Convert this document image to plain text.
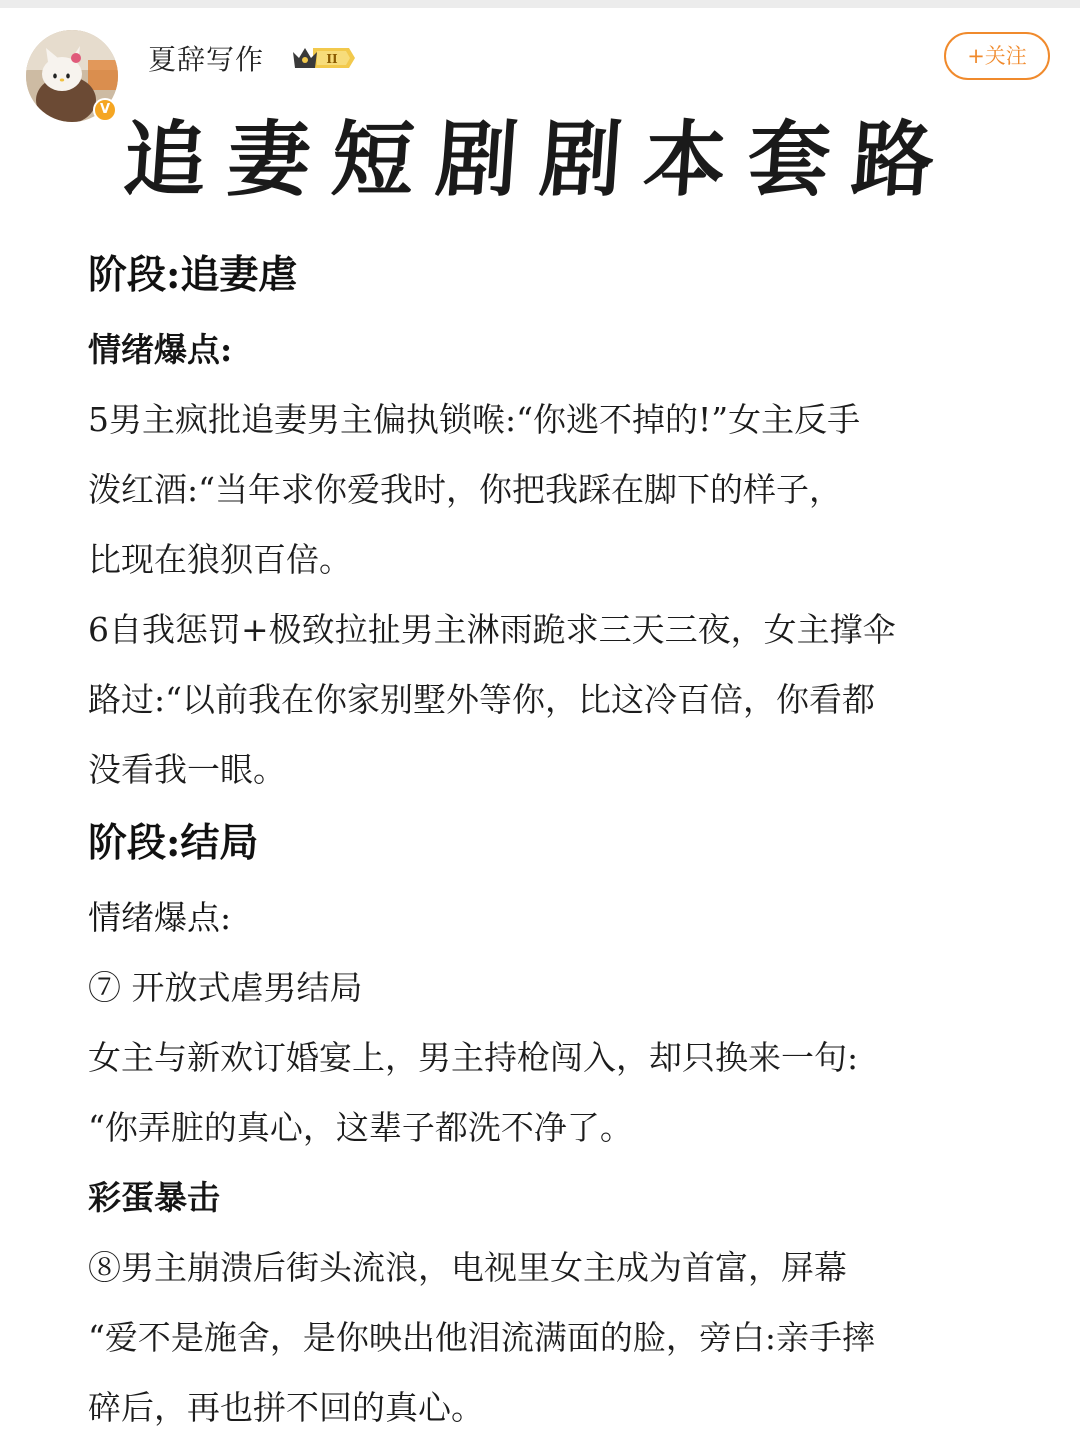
V
夏辞写作	II	+关注
追妻短剧剧本套路
阶段:追妻虐
情绪爆点:
5男主疯批追妻男主偏执锁喉:“你逃不掉的!”女主反手
泼红酒:“当年求你爱我时，你把我踩在脚下的样子，
比现在狼狈百倍。
6自我惩罚+极致拉扯男主淋雨跪求三天三夜，女主撑伞
路过:“以前我在你家别墅外等你，比这冷百倍，你看都
没看我一眼。
阶段:结局
情绪爆点:
⑦ 开放式虐男结局
女主与新欢订婚宴上，男主持枪闯入，却只换来一句:
“你弄脏的真心，这辈子都洗不净了。
彩蛋暴击
⑧男主崩溃后街头流浪，电视里女主成为首富，屏幕
“爱不是施舍，是你映出他泪流满面的脸，旁白:亲手摔
碎后，再也拼不回的真心。
